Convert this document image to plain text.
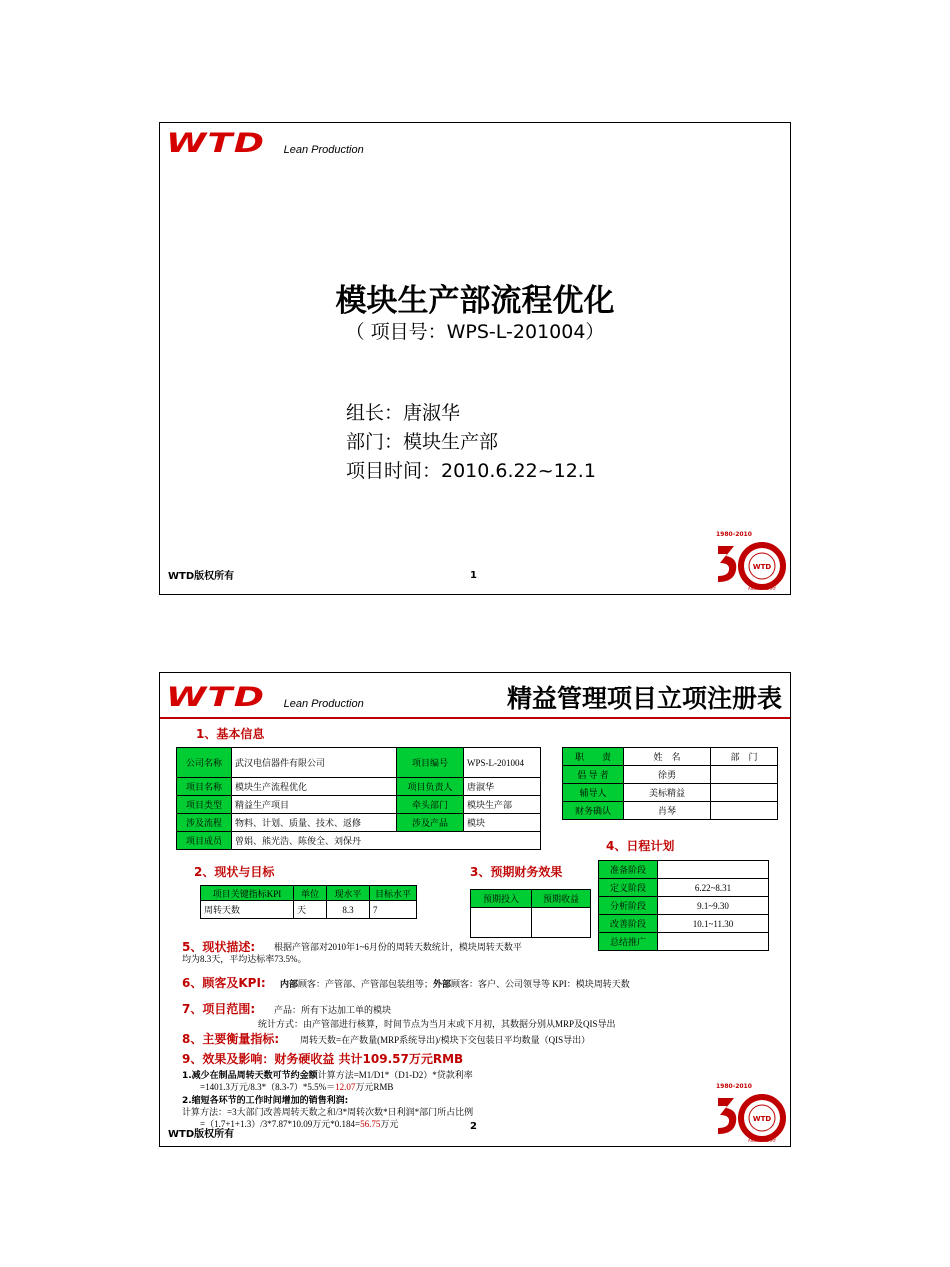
WTD Lean Production
模块生产部流程优化
（ 项目号：WPS-L-201004）
组长：唐淑华
部门：模块生产部
项目时间：2010.6.22~12.1
WTD版权所有	1
1980-2010
WTD
ANNIVERSARY
WTD Lean Production	精益管理项目立项注册表
1、基本信息
公司名称	武汉电信器件有限公司	项目编号	WPS-L-201004
项目名称	模块生产流程优化	项目负责人	唐淑华
项目类型	精益生产项目	牵头部门	模块生产部
涉及流程	物料、计划、质量、技术、返修	涉及产品	模块
项目成员	曾娟、熊光浩、陈俊全、刘保丹		
职　　责	姓　名	部　门
倡 导 者	徐勇	
辅导人	美标精益	
财务确认	肖琴	
2、现状与目标	3、预期财务效果
4、日程计划
项目关键指标KPI	单位	现水平	目标水平
周转天数	天	8.3	7
预期投入	预期收益

准备阶段	
定义阶段	6.22~8.31
分析阶段	9.1~9.30
改善阶段	10.1~11.30
总结推广	
5、现状描述: 根据产管部对2010年1~6月份的周转天数统计，模块周转天数平
均为8.3天，平均达标率73.5%。
6、顾客及KPI: 内部顾客：产管部、产管部包装组等；外部顾客：客户、公司领导等 KPI：模块周转天数
7、项目范围: 产品：所有下达加工单的模块
统计方式：由产管部进行核算，时间节点为当月末或下月初，其数据分别从MRP及QIS导出
8、主要衡量指标: 周转天数=在产数量(MRP系统导出)/模块下交包装日平均数量（QIS导出）
9、效果及影响：财务硬收益 共计109.57万元RMB
1.减少在制品周转天数可节约金额计算方法=M1/D1*（D1-D2）*贷款利率
=1401.3万元/8.3*（8.3-7）*5.5%＝12.07万元RMB
2.缩短各环节的工作时间增加的销售利润:
计算方法：=3大部门改善周转天数之和/3*周转次数*日利润*部门所占比例
=（1.7+1+1.3）/3*7.87*10.09万元*0.184=56.75万元
WTD版权所有
2
1980-2010
WTD
ANNIVERSARY
